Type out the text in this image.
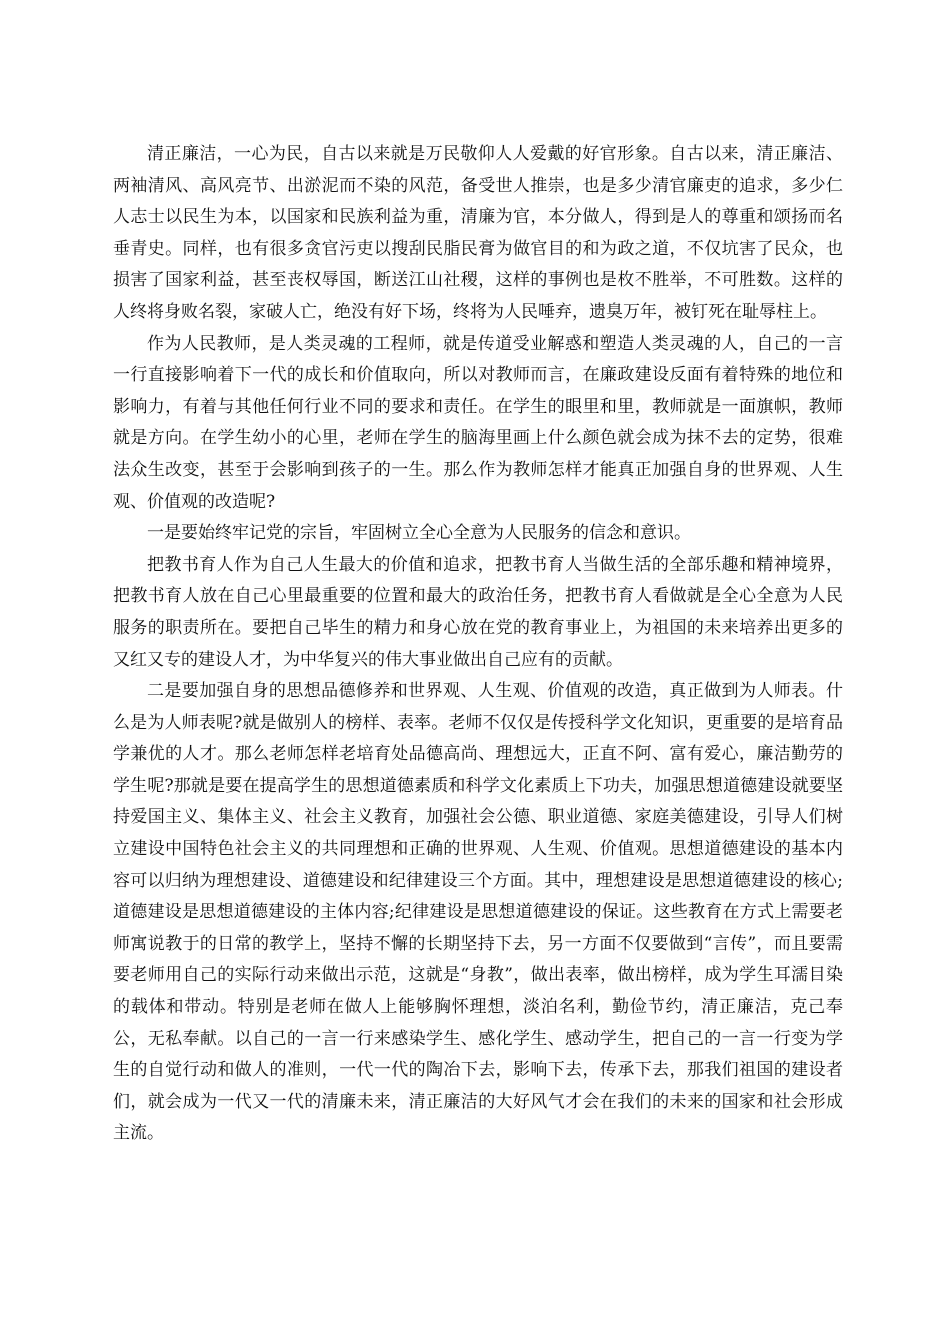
清正廉洁，一心为民，自古以来就是万民敬仰人人爱戴的好官形象。自古以来，清正廉洁、两袖清风、高风亮节、出淤泥而不染的风范，备受世人推崇，也是多少清官廉吏的追求，多少仁人志士以民生为本，以国家和民族利益为重，清廉为官，本分做人，得到是人的尊重和颂扬而名垂青史。同样，也有很多贪官污吏以搜刮民脂民膏为做官目的和为政之道，不仅坑害了民众，也损害了国家利益，甚至丧权辱国，断送江山社稷，这样的事例也是枚不胜举，不可胜数。这样的人终将身败名裂，家破人亡，绝没有好下场，终将为人民唾弃，遗臭万年，被钉死在耻辱柱上。

作为人民教师，是人类灵魂的工程师，就是传道受业解惑和塑造人类灵魂的人，自己的一言一行直接影响着下一代的成长和价值取向，所以对教师而言，在廉政建设反面有着特殊的地位和影响力，有着与其他任何行业不同的要求和责任。在学生的眼里和里，教师就是一面旗帜，教师就是方向。在学生幼小的心里，老师在学生的脑海里画上什么颜色就会成为抹不去的定势，很难法众生改变，甚至于会影响到孩子的一生。那么作为教师怎样才能真正加强自身的世界观、人生观、价值观的改造呢?

一是要始终牢记党的宗旨，牢固树立全心全意为人民服务的信念和意识。

把教书育人作为自己人生最大的价值和追求，把教书育人当做生活的全部乐趣和精神境界，把教书育人放在自己心里最重要的位置和最大的政治任务，把教书育人看做就是全心全意为人民服务的职责所在。要把自己毕生的精力和身心放在党的教育事业上，为祖国的未来培养出更多的又红又专的建设人才，为中华复兴的伟大事业做出自己应有的贡献。

二是要加强自身的思想品德修养和世界观、人生观、价值观的改造，真正做到为人师表。什么是为人师表呢?就是做别人的榜样、表率。老师不仅仅是传授科学文化知识，更重要的是培育品学兼优的人才。那么老师怎样老培育处品德高尚、理想远大，正直不阿、富有爱心，廉洁勤劳的学生呢?那就是要在提高学生的思想道德素质和科学文化素质上下功夫，加强思想道德建设就要坚持爱国主义、集体主义、社会主义教育，加强社会公德、职业道德、家庭美德建设，引导人们树立建设中国特色社会主义的共同理想和正确的世界观、人生观、价值观。思想道德建设的基本内容可以归纳为理想建设、道德建设和纪律建设三个方面。其中，理想建设是思想道德建设的核心;道德建设是思想道德建设的主体内容;纪律建设是思想道德建设的保证。这些教育在方式上需要老师寓说教于的日常的教学上，坚持不懈的长期坚持下去，另一方面不仅要做到“言传”，而且要需要老师用自己的实际行动来做出示范，这就是“身教”，做出表率，做出榜样，成为学生耳濡目染的载体和带动。特别是老师在做人上能够胸怀理想，淡泊名利，勤俭节约，清正廉洁，克己奉公，无私奉献。以自己的一言一行来感染学生、感化学生、感动学生，把自己的一言一行变为学生的自觉行动和做人的准则，一代一代的陶冶下去，影响下去，传承下去，那我们祖国的建设者们，就会成为一代又一代的清廉未来，清正廉洁的大好风气才会在我们的未来的国家和社会形成主流。
